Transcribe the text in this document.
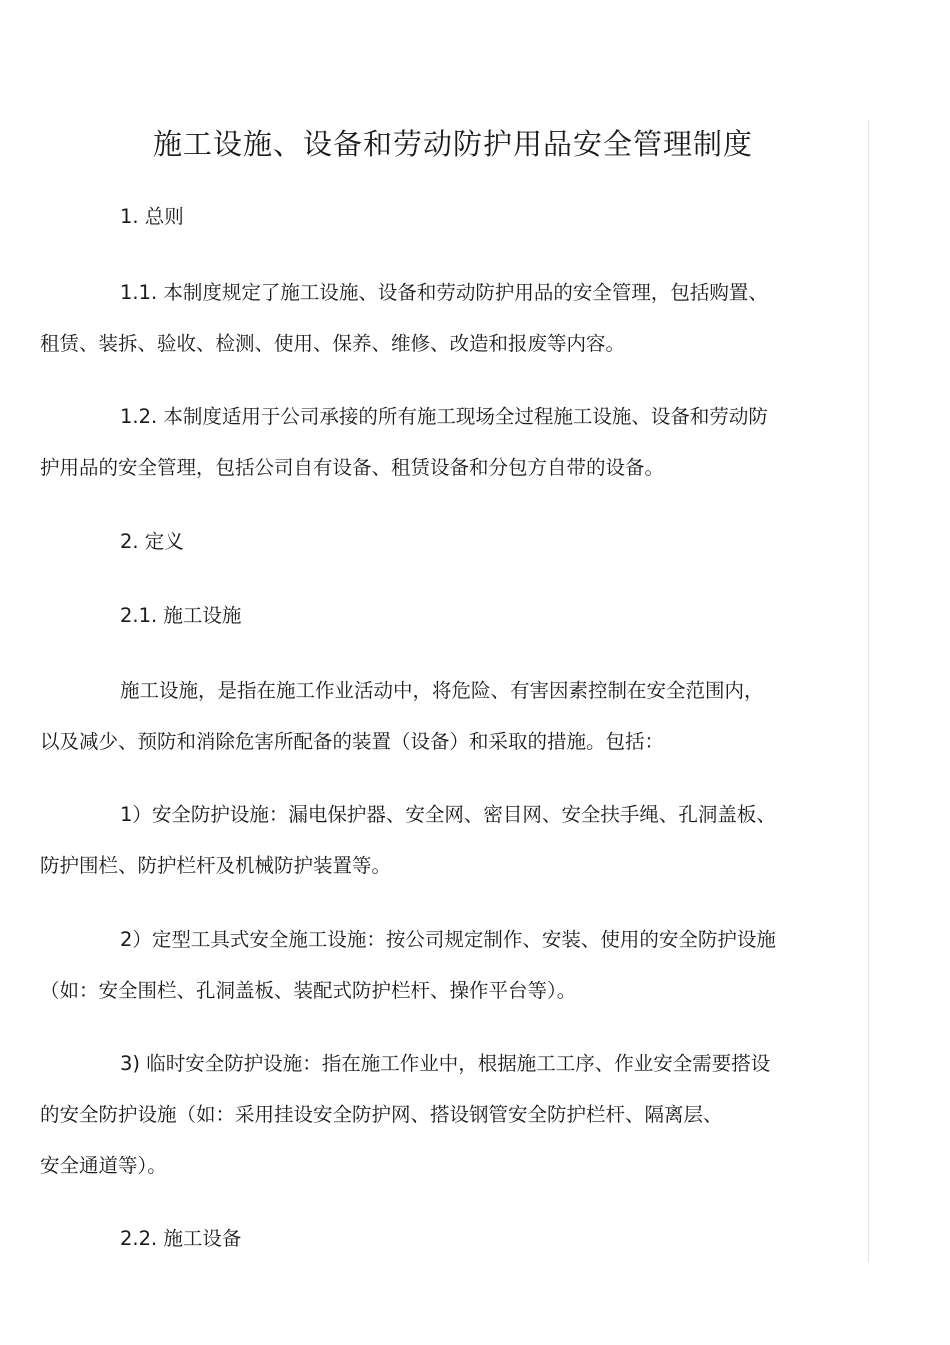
施工设施、设备和劳动防护用品安全管理制度

1. 总则

1.1. 本制度规定了施工设施、设备和劳动防护用品的安全管理，包括购置、
租赁、装拆、验收、检测、使用、保养、维修、改造和报废等内容。

1.2. 本制度适用于公司承接的所有施工现场全过程施工设施、设备和劳动防
护用品的安全管理，包括公司自有设备、租赁设备和分包方自带的设备。

2. 定义

2.1. 施工设施

施工设施，是指在施工作业活动中，将危险、有害因素控制在安全范围内，
以及减少、预防和消除危害所配备的装置（设备）和采取的措施。包括：

1）安全防护设施：漏电保护器、安全网、密目网、安全扶手绳、孔洞盖板、
防护围栏、防护栏杆及机械防护装置等。

2）定型工具式安全施工设施：按公司规定制作、安装、使用的安全防护设施
（如：安全围栏、孔洞盖板、装配式防护栏杆、操作平台等）。

3) 临时安全防护设施：指在施工作业中，根据施工工序、作业安全需要搭设
的安全防护设施（如：采用挂设安全防护网、搭设钢管安全防护栏杆、隔离层、
安全通道等）。

2.2. 施工设备
